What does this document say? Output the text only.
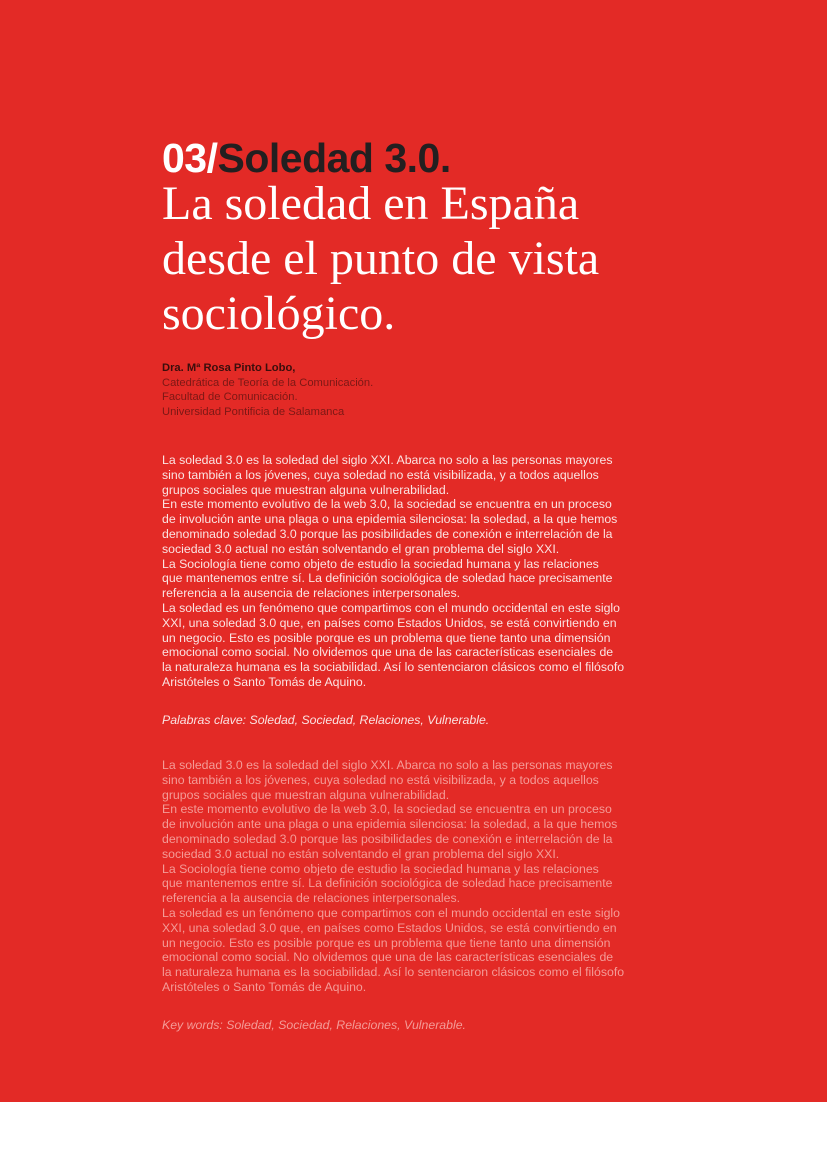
03/Soledad 3.0.
La soledad en España
desde el punto de vista
sociológico.
Dra. Mª Rosa Pinto Lobo,
Catedrática de Teoría de la Comunicación.
Facultad de Comunicación.
Universidad Pontificia de Salamanca
La soledad 3.0 es la soledad del siglo XXI. Abarca no solo a las personas mayores
sino también a los jóvenes, cuya soledad no está visibilizada, y a todos aquellos
grupos sociales que muestran alguna vulnerabilidad.
En este momento evolutivo de la web 3.0, la sociedad se encuentra en un proceso
de involución ante una plaga o una epidemia silenciosa: la soledad, a la que hemos
denominado soledad 3.0 porque las posibilidades de conexión e interrelación de la
sociedad 3.0 actual no están solventando el gran problema del siglo XXI.
La Sociología tiene como objeto de estudio la sociedad humana y las relaciones
que mantenemos entre sí. La definición sociológica de soledad hace precisamente
referencia a la ausencia de relaciones interpersonales.
La soledad es un fenómeno que compartimos con el mundo occidental en este siglo
XXI, una soledad 3.0 que, en países como Estados Unidos, se está convirtiendo en
un negocio. Esto es posible porque es un problema que tiene tanto una dimensión
emocional como social. No olvidemos que una de las características esenciales de
la naturaleza humana es la sociabilidad. Así lo sentenciaron clásicos como el filósofo
Aristóteles o Santo Tomás de Aquino.
Palabras clave: Soledad, Sociedad, Relaciones, Vulnerable.
La soledad 3.0 es la soledad del siglo XXI. Abarca no solo a las personas mayores
sino también a los jóvenes, cuya soledad no está visibilizada, y a todos aquellos
grupos sociales que muestran alguna vulnerabilidad.
En este momento evolutivo de la web 3.0, la sociedad se encuentra en un proceso
de involución ante una plaga o una epidemia silenciosa: la soledad, a la que hemos
denominado soledad 3.0 porque las posibilidades de conexión e interrelación de la
sociedad 3.0 actual no están solventando el gran problema del siglo XXI.
La Sociología tiene como objeto de estudio la sociedad humana y las relaciones
que mantenemos entre sí. La definición sociológica de soledad hace precisamente
referencia a la ausencia de relaciones interpersonales.
La soledad es un fenómeno que compartimos con el mundo occidental en este siglo
XXI, una soledad 3.0 que, en países como Estados Unidos, se está convirtiendo en
un negocio. Esto es posible porque es un problema que tiene tanto una dimensión
emocional como social. No olvidemos que una de las características esenciales de
la naturaleza humana es la sociabilidad. Así lo sentenciaron clásicos como el filósofo
Aristóteles o Santo Tomás de Aquino.
Key words: Soledad, Sociedad, Relaciones, Vulnerable.
